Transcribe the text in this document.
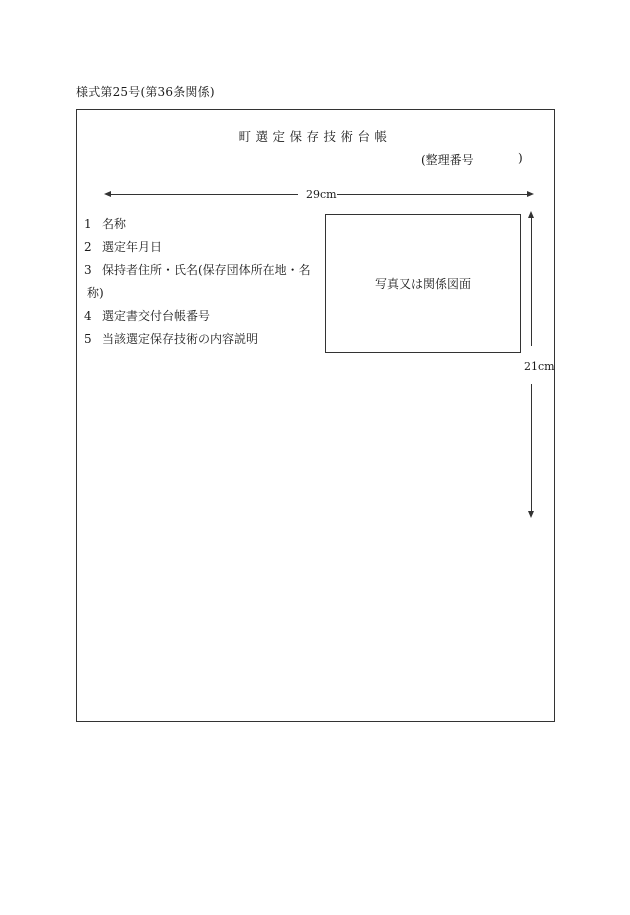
様式第25号(第36条関係)
町選定保存技術台帳
(整理番号	)
29cm
21cm
写真又は関係図面
1 名称
2 選定年月日
3 保持者住所・氏名(保存団体所在地・名
称)
4 選定書交付台帳番号
5 当該選定保存技術の内容説明
